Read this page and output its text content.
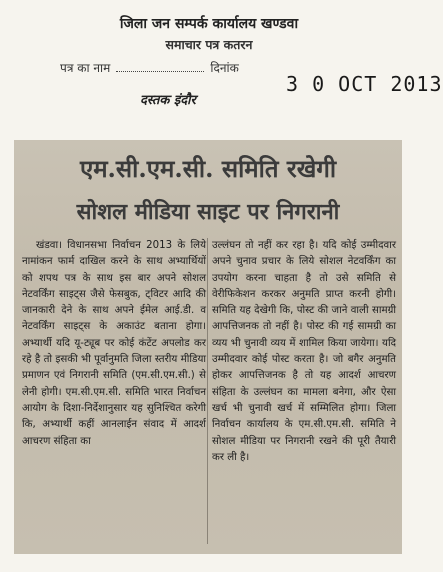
जिला जन सम्पर्क कार्यालय खण्डवा
समाचार पत्र कतरन
पत्र का नाम	दिनांक
3 0 OCT 2013
दस्तक इंदौर
एम.सी.एम.सी. समिति रखेगी
सोशल मीडिया साइट पर निगरानी
खंडवा। विधानसभा निर्वाचन 2013 के लिये नामांकन फार्म दाखिल करने के साथ अभ्यार्थियों को शपथ पत्र के साथ इस बार अपने सोशल नेटवर्किंग साइट्स जैसे फेसबुक, ट्विटर आदि की जानकारी देने के साथ अपने ईमेल आई.डी. व नेटवर्किंग साइट्स के अकाउंट बताना होगा। अभ्यार्थी यदि यू-ट्यूब पर कोई कंटेंट अपलोड कर रहे है तो इसकी भी पूर्वानुमति जिला स्तरीय मीडिया प्रमाणन एवं निगरानी समिति (एम.सी.एम.सी.) से लेनी होगी। एम.सी.एम.सी. समिति भारत निर्वाचन आयोग के दिशा-निर्देशानुसार यह सुनिश्चित करेगी कि, अभ्यार्थी कहीं आनलाईन संवाद में आदर्श आचरण संहिता का
उल्लंघन तो नहीं कर रहा है। यदि कोई उम्मीदवार अपने चुनाव प्रचार के लिये सोशल नेटवर्किंग का उपयोग करना चाहता है तो उसे समिति से वेरीफिकेशन करकर अनुमति प्राप्त करनी होगी। समिति यह देखेगी कि, पोस्ट की जाने वाली सामग्री आपत्तिजनक तो नहीं है। पोस्ट की गई सामग्री का व्यय भी चुनावी व्यय में शामिल किया जायेगा। यदि उम्मीदवार कोई पोस्ट करता है। जो बगैर अनुमति होकर आपत्तिजनक है तो यह आदर्श आचरण संहिता के उल्लंघन का मामला बनेगा, और ऐसा खर्च भी चुनावी खर्च में सम्मिलित होगा। जिला निर्वाचन कार्यालय के एम.सी.एम.सी. समिति ने सोशल मीडिया पर निगरानी रखने की पूरी तैयारी कर ली है।
